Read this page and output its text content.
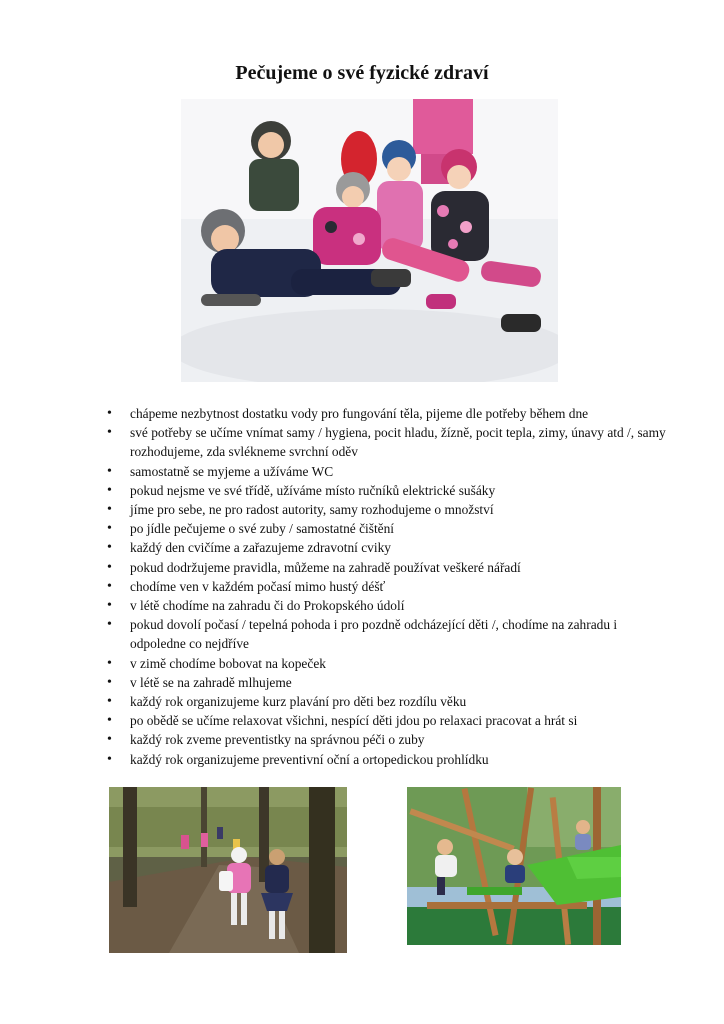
Pečujeme o své fyzické zdraví
• chápeme nezbytnost dostatku vody pro fungování těla, pijeme dle potřeby během dne
• své potřeby se učíme vnímat samy / hygiena, pocit hladu, žízně, pocit tepla, zimy, únavy atd /, samy rozhodujeme, zda svlékneme svrchní oděv
• samostatně se myjeme a užíváme WC
• pokud nejsme ve své třídě, užíváme místo ručníků elektrické sušáky
• jíme pro sebe, ne pro radost autority, samy rozhodujeme o množství
• po jídle pečujeme o své zuby / samostatné čištění
• každý den cvičíme a zařazujeme zdravotní cviky
• pokud dodržujeme pravidla, můžeme na zahradě používat veškeré nářadí
• chodíme ven v každém počasí mimo hustý déšť
• v létě chodíme na zahradu či do Prokopského údolí
• pokud dovolí počasí / tepelná pohoda i pro pozdně odcházející děti /, chodíme na zahradu i odpoledne co nejdříve
• v zimě chodíme bobovat na kopeček
• v létě se na zahradě mlhujeme
• každý rok organizujeme kurz plavání pro děti bez rozdílu věku
• po obědě se učíme relaxovat všichni, nespící děti jdou po relaxaci pracovat a hrát si
• každý rok zveme preventistky na správnou péči o zuby
• každý rok organizujeme preventivní oční a ortopedickou prohlídku
